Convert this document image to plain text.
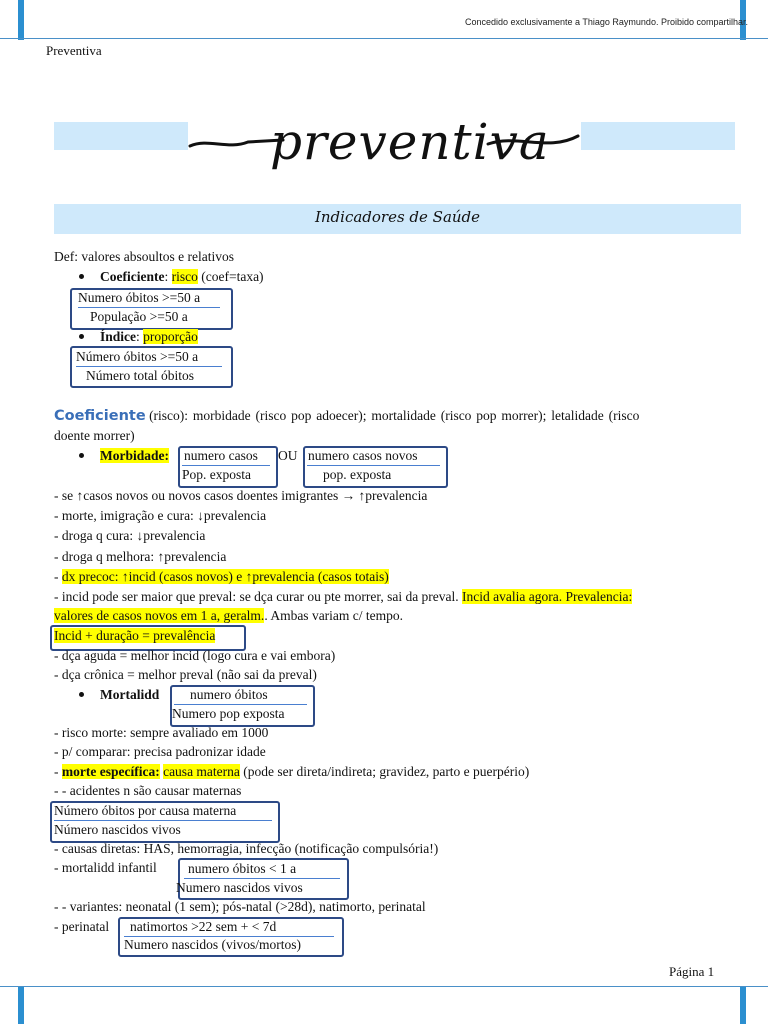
Concedido exclusivamente a Thiago Raymundo. Proibido compartilhar.
Preventiva
preventiva
Indicadores de Saúde
Def: valores absoultos e relativos
Coeficiente: risco (coef=taxa)
Numero óbitos >=50 a
População >=50 a
Índice: proporção
Número óbitos >=50 a
Número total óbitos
Coeficiente (risco): morbidade (risco pop adoecer); mortalidade (risco pop morrer); letalidade (risco
doente morrer)
Morbidade: numero casos
Pop. exposta
OU numero casos novos
pop. exposta
- se ↑casos novos ou novos casos doentes imigrantes → ↑prevalencia
- morte, imigração e cura: ↓prevalencia
- droga q cura: ↓prevalencia
- droga q melhora: ↑prevalencia
- dx precoc: ↑incid (casos novos) e ↑prevalencia (casos totais)
- incid pode ser maior que preval: se dça curar ou pte morrer, sai da preval. Incid avalia agora. Prevalencia:
valores de casos novos em 1 a, geralm.. Ambas variam c/ tempo.
Incid + duração = prevalência
- dça aguda = melhor incid (logo cura e vai embora)
- dça crônica = melhor preval (não sai da preval)
Mortalidd numero óbitos
Numero pop exposta
- risco morte: sempre avaliado em 1000
- p/ comparar: precisa padronizar idade
- morte específica: causa materna (pode ser direta/indireta; gravidez, parto e puerpério)
- - acidentes n são causar maternas
Número óbitos por causa materna
Número nascidos vivos
- causas diretas: HAS, hemorragia, infecção (notificação compulsória!)
- mortalidd infantil numero óbitos < 1 a
Numero nascidos vivos
- - variantes: neonatal (1 sem); pós-natal (>28d), natimorto, perinatal
- perinatal natimortos >22 sem + < 7d
Numero nascidos (vivos/mortos)
Página 1
